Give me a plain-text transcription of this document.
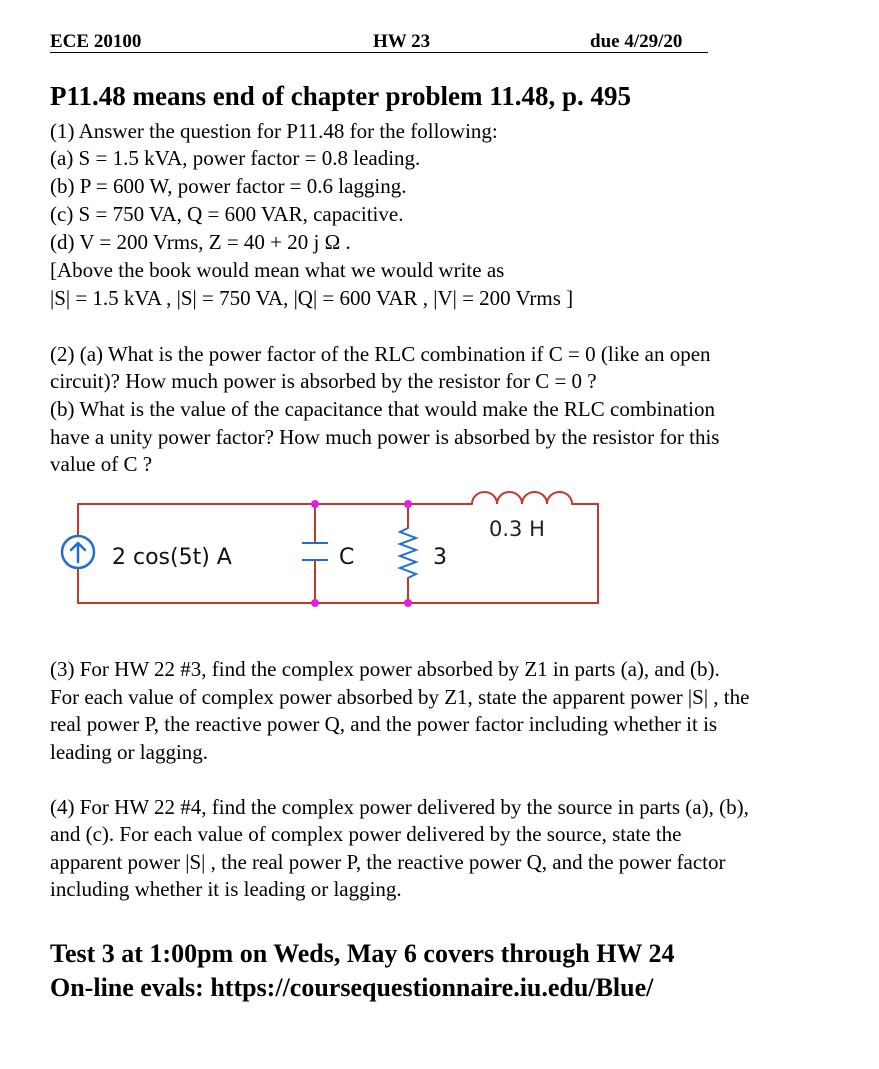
ECE 20100	HW 23	due 4/29/20
P11.48 means end of chapter problem 11.48, p. 495
(1) Answer the question for P11.48 for the following:
(a) S = 1.5 kVA, power factor = 0.8 leading.
(b) P = 600 W, power factor = 0.6 lagging.
(c) S = 750 VA, Q = 600 VAR, capacitive.
(d) V = 200 Vrms, Z = 40 + 20 j Ω .
[Above the book would mean what we would write as
|S| = 1.5 kVA , |S| = 750 VA, |Q| = 600 VAR , |V| = 200 Vrms ]
(2) (a) What is the power factor of the RLC combination if C = 0 (like an open
circuit)? How much power is absorbed by the resistor for C = 0 ?
(b) What is the value of the capacitance that would make the RLC combination
have a unity power factor? How much power is absorbed by the resistor for this
value of C ?
0.3 H
2 cos(5t) A	C	3
(3) For HW 22 #3, find the complex power absorbed by Z1 in parts (a), and (b).
For each value of complex power absorbed by Z1, state the apparent power |S| , the
real power P, the reactive power Q, and the power factor including whether it is
leading or lagging.
(4) For HW 22 #4, find the complex power delivered by the source in parts (a), (b),
and (c). For each value of complex power delivered by the source, state the
apparent power |S| , the real power P, the reactive power Q, and the power factor
including whether it is leading or lagging.
Test 3 at 1:00pm on Weds, May 6 covers through HW 24
On-line evals: https://coursequestionnaire.iu.edu/Blue/
